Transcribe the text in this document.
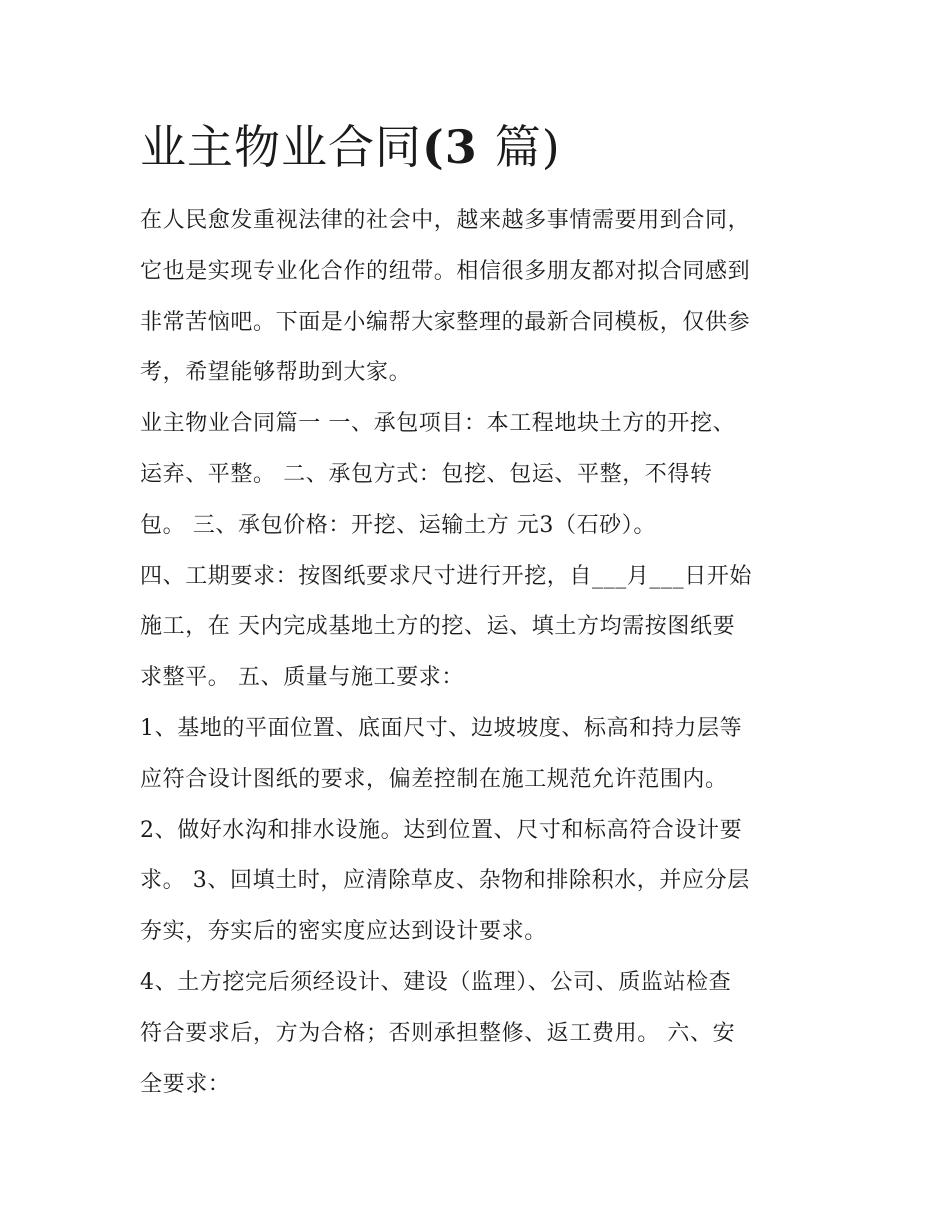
业主物业合同(3 篇)

在人民愈发重视法律的社会中，越来越多事情需要用到合同，
它也是实现专业化合作的纽带。相信很多朋友都对拟合同感到
非常苦恼吧。下面是小编帮大家整理的最新合同模板，仅供参
考，希望能够帮助到大家。

业主物业合同篇一 一、承包项目：本工程地块土方的开挖、
运弃、平整。 二、承包方式：包挖、包运、平整，不得转
包。 三、承包价格：开挖、运输土方 元3（石砂）。

四、工期要求：按图纸要求尺寸进行开挖，自___月___日开始
施工，在 天内完成基地土方的挖、运、填土方均需按图纸要
求整平。 五、质量与施工要求：

1、基地的平面位置、底面尺寸、边坡坡度、标高和持力层等
应符合设计图纸的要求，偏差控制在施工规范允许范围内。

2、做好水沟和排水设施。达到位置、尺寸和标高符合设计要
求。 3、回填土时，应清除草皮、杂物和排除积水，并应分层
夯实，夯实后的密实度应达到设计要求。

4、土方挖完后须经设计、建设（监理）、公司、质监站检查
符合要求后，方为合格；否则承担整修、返工费用。 六、安
全要求：
